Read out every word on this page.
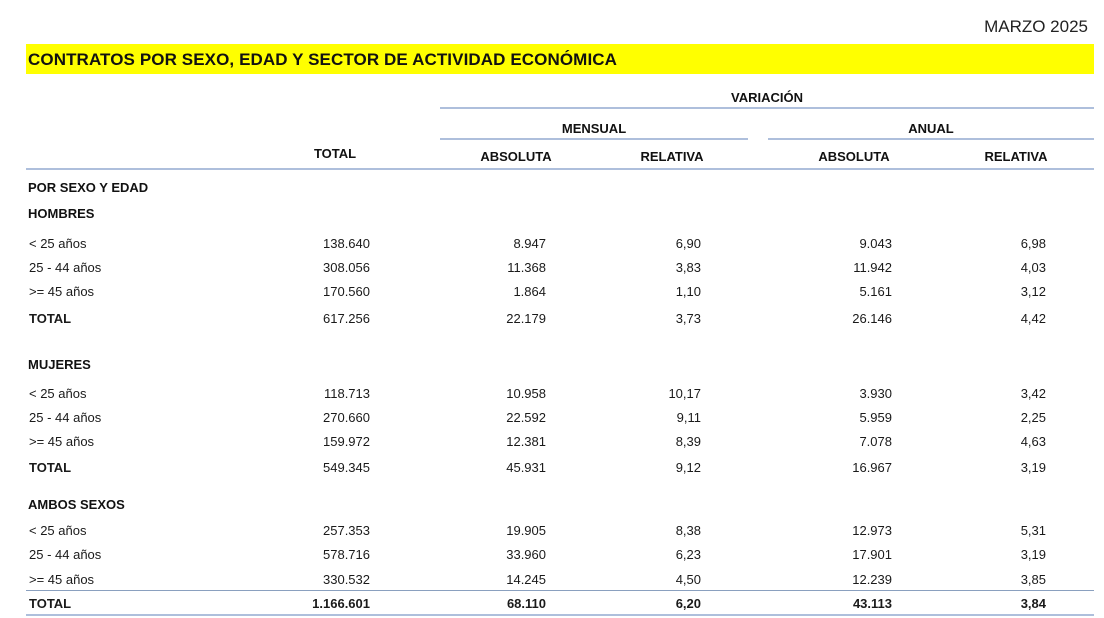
MARZO 2025
CONTRATOS POR SEXO, EDAD Y SECTOR DE ACTIVIDAD ECONÓMICA
VARIACIÓN
MENSUAL	ANUAL
TOTAL	ABSOLUTA	RELATIVA	ABSOLUTA	RELATIVA
POR SEXO Y EDAD
HOMBRES
< 25 años	138.640	8.947	6,90	9.043	6,98
25 - 44 años	308.056	11.368	3,83	11.942	4,03
>= 45 años	170.560	1.864	1,10	5.161	3,12
TOTAL	617.256	22.179	3,73	26.146	4,42
MUJERES
< 25 años	118.713	10.958	10,17	3.930	3,42
25 - 44 años	270.660	22.592	9,11	5.959	2,25
>= 45 años	159.972	12.381	8,39	7.078	4,63
TOTAL	549.345	45.931	9,12	16.967	3,19
AMBOS SEXOS
< 25 años	257.353	19.905	8,38	12.973	5,31
25 - 44 años	578.716	33.960	6,23	17.901	3,19
>= 45 años	330.532	14.245	4,50	12.239	3,85
TOTAL	1.166.601	68.110	6,20	43.113	3,84
